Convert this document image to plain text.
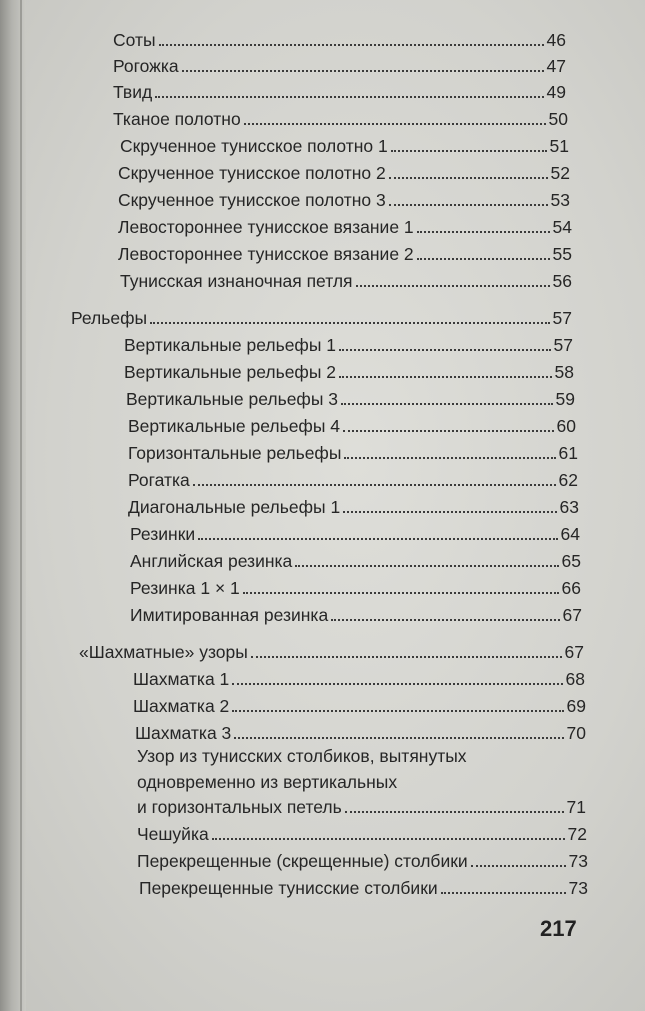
Соты	46
Рогожка	47
Твид	49
Тканое полотно	50
Скрученное тунисское полотно 1	51
Скрученное тунисское полотно 2	52
Скрученное тунисское полотно 3	53
Левостороннее тунисское вязание 1	54
Левостороннее тунисское вязание 2	55
Тунисская изнаночная петля	56
Рельефы	57
Вертикальные рельефы 1	57
Вертикальные рельефы 2	58
Вертикальные рельефы 3	59
Вертикальные рельефы 4	60
Горизонтальные рельефы	61
Рогатка	62
Диагональные рельефы 1	63
Резинки	64
Английская резинка	65
Резинка 1 × 1	66
Имитированная резинка	67
«Шахматные» узоры	67
Шахматка 1	68
Шахматка 2	69
Шахматка 3	70
Узор из тунисских столбиков, вытянутых
одновременно из вертикальных
и горизонтальных петель	71
Чешуйка	72
Перекрещенные (скрещенные) столбики	73
Перекрещенные тунисские столбики	73
217
